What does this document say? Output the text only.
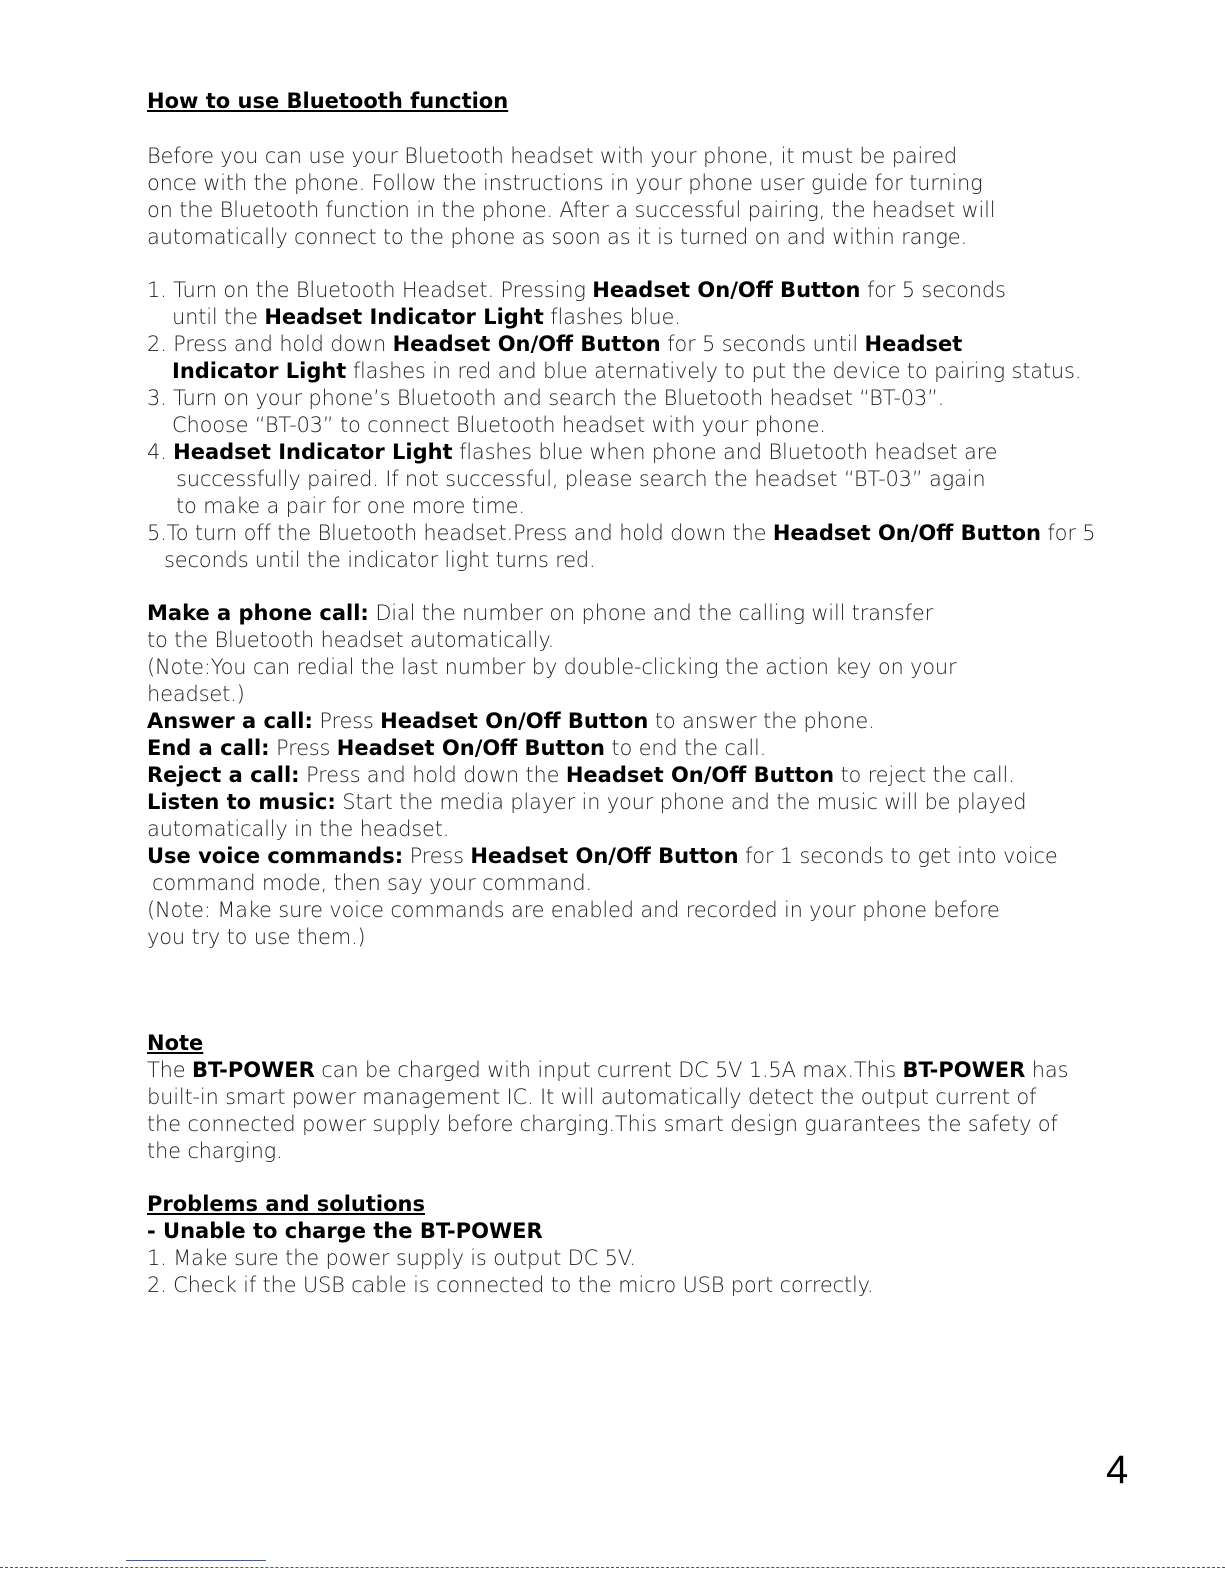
How to use Bluetooth function
Before you can use your Bluetooth headset with your phone, it must be paired
once with the phone. Follow the instructions in your phone user guide for turning
on the Bluetooth function in the phone. After a successful pairing, the headset will
automatically connect to the phone as soon as it is turned on and within range.
1. Turn on the Bluetooth Headset. Pressing Headset On/Off Button for 5 seconds
until the Headset Indicator Light flashes blue.
2. Press and hold down Headset On/Off Button for 5 seconds until Headset
Indicator Light flashes in red and blue aternatively to put the device to pairing status.
3. Turn on your phone’s Bluetooth and search the Bluetooth headset “BT-03”.
Choose “BT-03” to connect Bluetooth headset with your phone.
4. Headset Indicator Light flashes blue when phone and Bluetooth headset are
successfully paired. If not successful, please search the headset “BT-03” again
to make a pair for one more time.
5.To turn off the Bluetooth headset.Press and hold down the Headset On/Off Button for 5
seconds until the indicator light turns red.
Make a phone call: Dial the number on phone and the calling will transfer
to the Bluetooth headset automatically.
(Note:You can redial the last number by double-clicking the action key on your
headset.)
Answer a call: Press Headset On/Off Button to answer the phone.
End a call: Press Headset On/Off Button to end the call.
Reject a call: Press and hold down the Headset On/Off Button to reject the call.
Listen to music: Start the media player in your phone and the music will be played
automatically in the headset.
Use voice commands: Press Headset On/Off Button for 1 seconds to get into voice
command mode, then say your command.
(Note: Make sure voice commands are enabled and recorded in your phone before
you try to use them.)
Note
The BT-POWER can be charged with input current DC 5V 1.5A max.This BT-POWER has
built-in smart power management IC. It will automatically detect the output current of
the connected power supply before charging.This smart design guarantees the safety of
the charging.
Problems and solutions
- Unable to charge the BT-POWER
1. Make sure the power supply is output DC 5V.
2. Check if the USB cable is connected to the micro USB port correctly.
4
